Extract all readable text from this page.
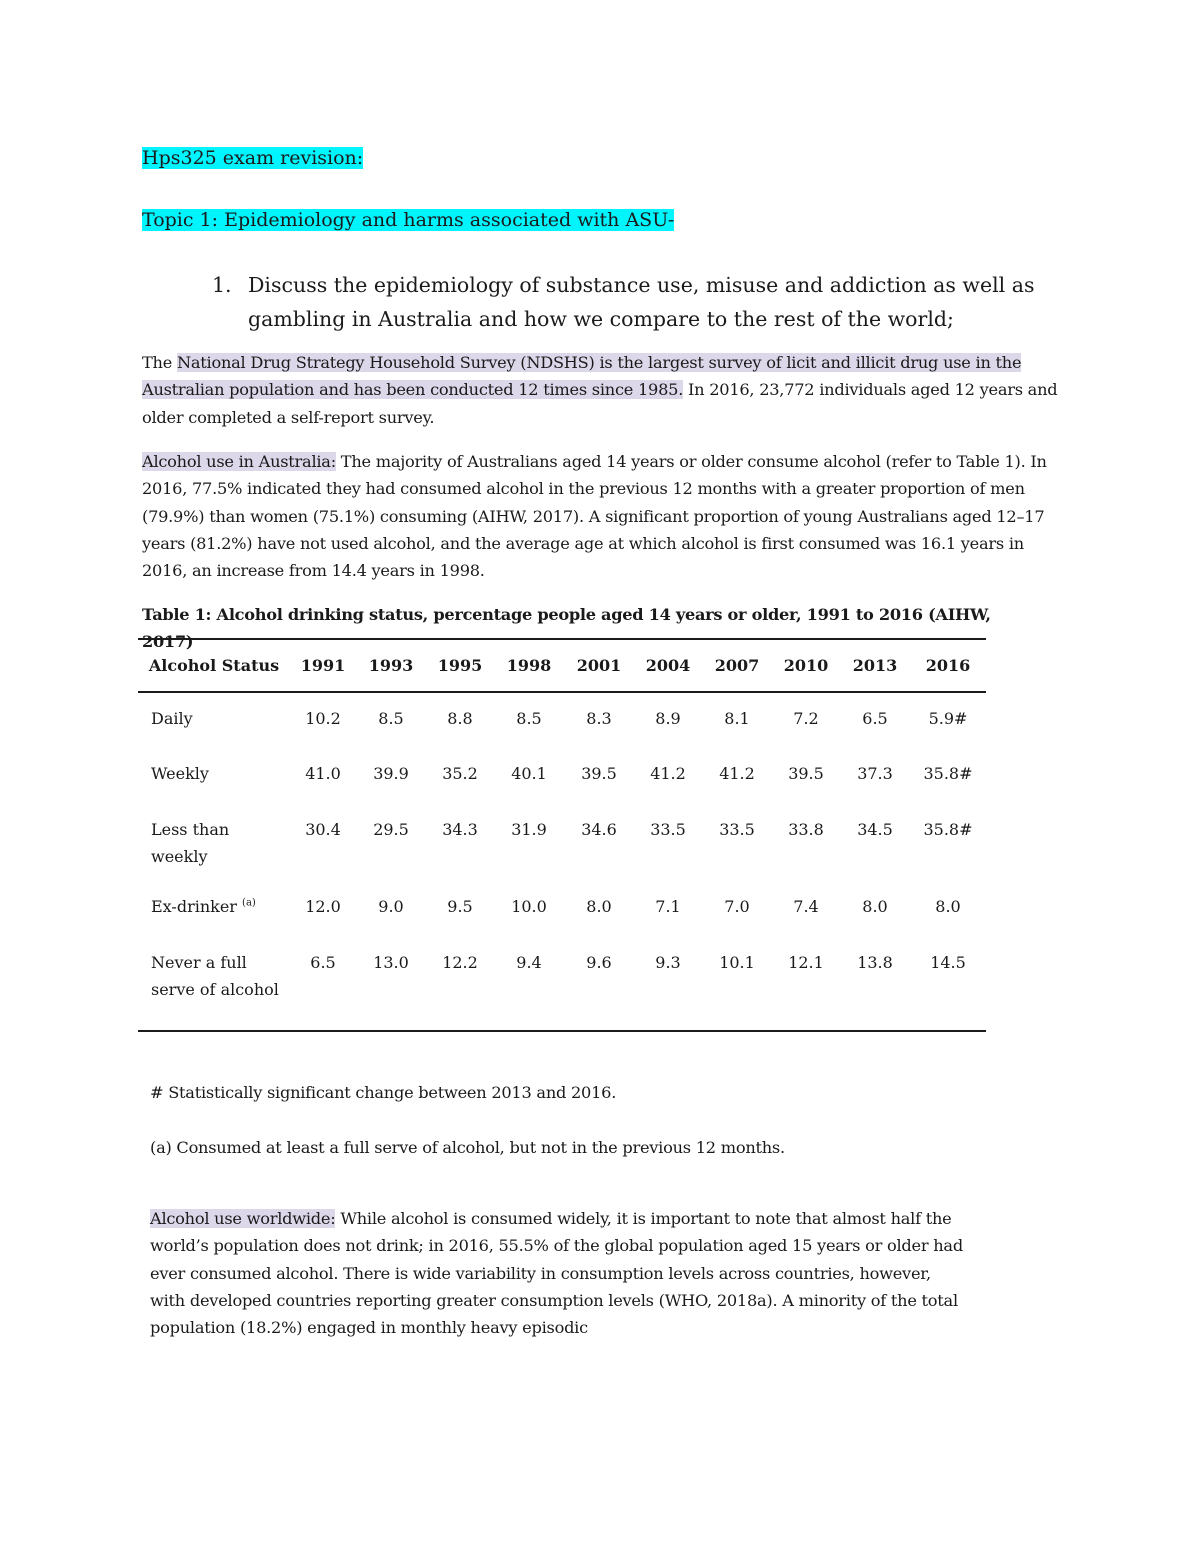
Hps325 exam revision:
Topic 1: Epidemiology and harms associated with ASU-
1. Discuss the epidemiology of substance use, misuse and addiction as well as gambling in Australia and how we compare to the rest of the world;
The National Drug Strategy Household Survey (NDSHS) is the largest survey of licit and illicit drug use in the Australian population and has been conducted 12 times since 1985. In 2016, 23,772 individuals aged 12 years and older completed a self-report survey.
Alcohol use in Australia: The majority of Australians aged 14 years or older consume alcohol (refer to Table 1). In 2016, 77.5% indicated they had consumed alcohol in the previous 12 months with a greater proportion of men (79.9%) than women (75.1%) consuming (AIHW, 2017). A significant proportion of young Australians aged 12–17 years (81.2%) have not used alcohol, and the average age at which alcohol is first consumed was 16.1 years in 2016, an increase from 14.4 years in 1998.
Table 1: Alcohol drinking status, percentage people aged 14 years or older, 1991 to 2016 (AIHW, 2017)
Alcohol Status	1991	1993	1995	1998	2001	2004	2007	2010	2013	2016
Daily	10.2	8.5	8.8	8.5	8.3	8.9	8.1	7.2	6.5	5.9#
Weekly	41.0	39.9	35.2	40.1	39.5	41.2	41.2	39.5	37.3	35.8#
Less than weekly	30.4	29.5	34.3	31.9	34.6	33.5	33.5	33.8	34.5	35.8#
Ex-drinker $^{(a)}$	12.0	9.0	9.5	10.0	8.0	7.1	7.0	7.4	8.0	8.0
Never a full serve of alcohol	6.5	13.0	12.2	9.4	9.6	9.3	10.1	12.1	13.8	14.5
# Statistically significant change between 2013 and 2016.
(a) Consumed at least a full serve of alcohol, but not in the previous 12 months.
Alcohol use worldwide: While alcohol is consumed widely, it is important to note that almost half the world’s population does not drink; in 2016, 55.5% of the global population aged 15 years or older had ever consumed alcohol. There is wide variability in consumption levels across countries, however, with developed countries reporting greater consumption levels (WHO, 2018a). A minority of the total population (18.2%) engaged in monthly heavy episodic
